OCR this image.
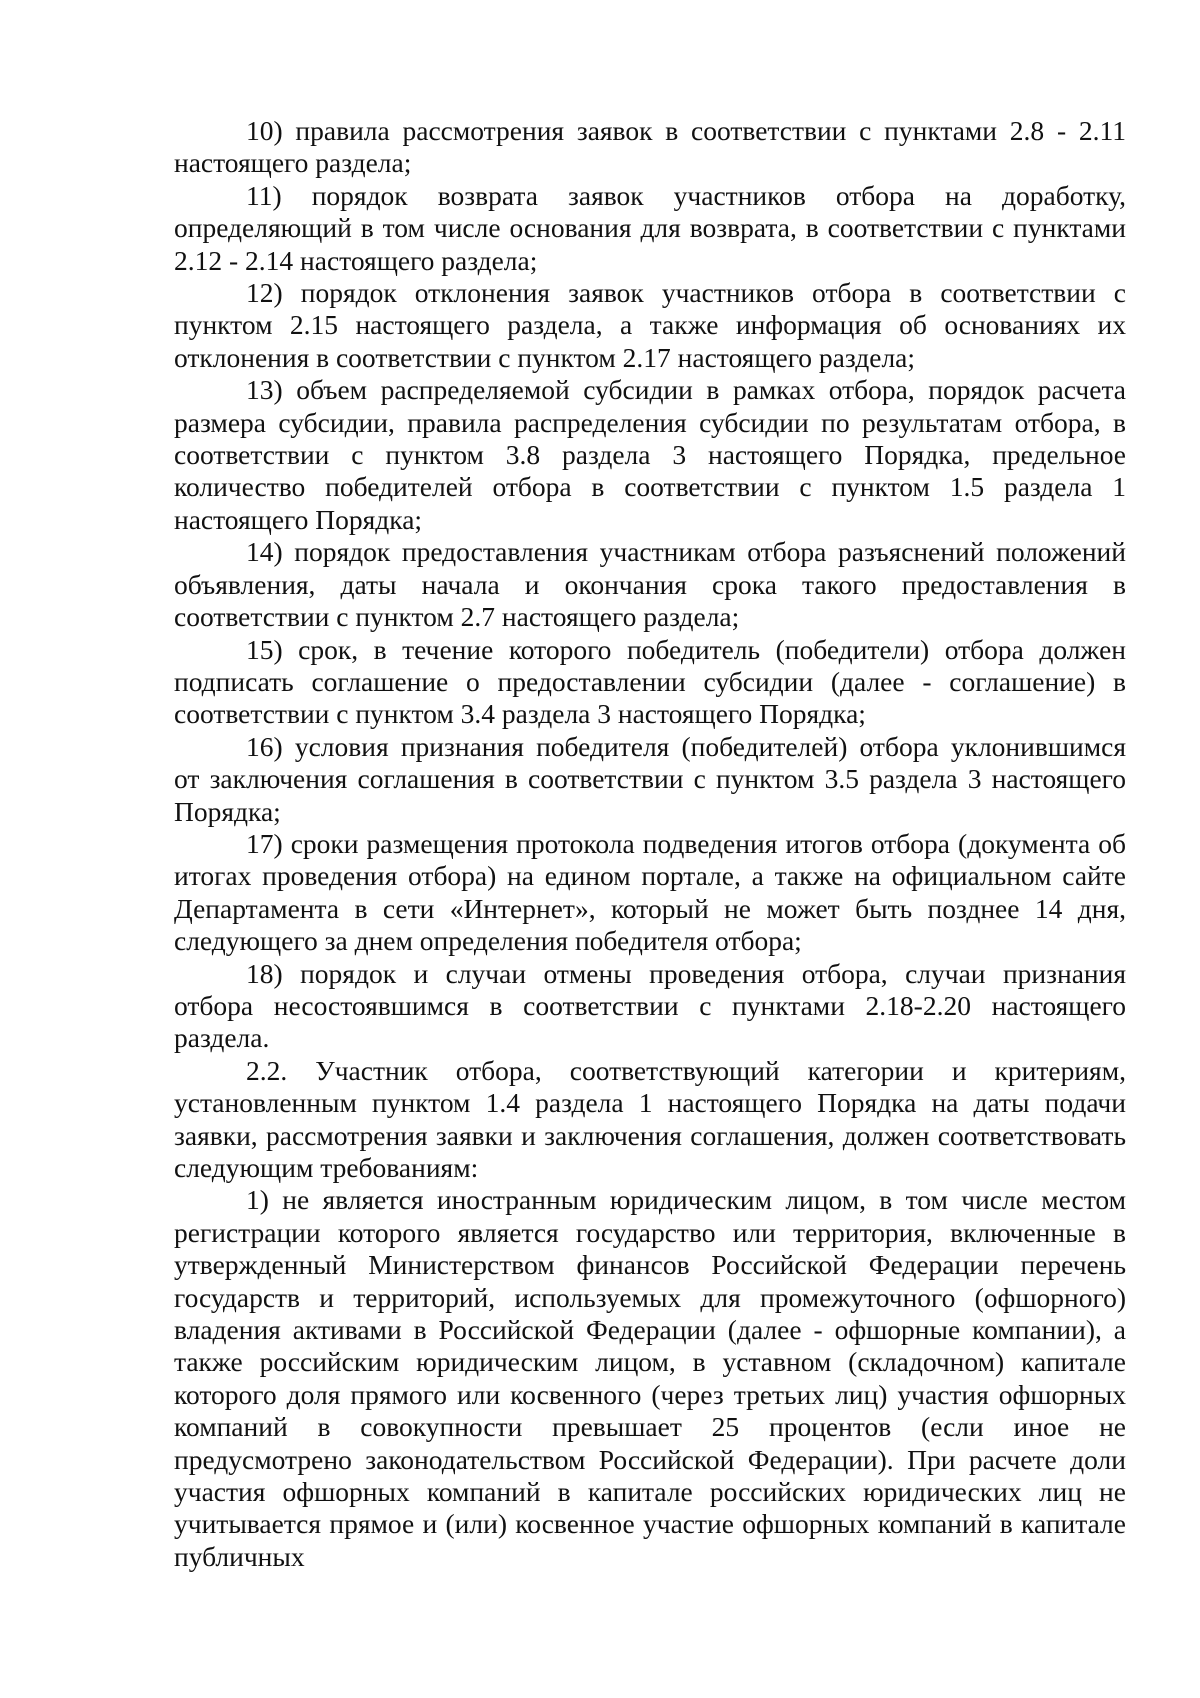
10) правила рассмотрения заявок в соответствии с пунктами 2.8 - 2.11 настоящего раздела;

11) порядок возврата заявок участников отбора на доработку, определяющий в том числе основания для возврата, в соответствии с пунктами 2.12 - 2.14 настоящего раздела;

12) порядок отклонения заявок участников отбора в соответствии с пунктом 2.15 настоящего раздела, а также информация об основаниях их отклонения в соответствии с пунктом 2.17 настоящего раздела;

13) объем распределяемой субсидии в рамках отбора, порядок расчета размера субсидии, правила распределения субсидии по результатам отбора, в соответствии с пунктом 3.8 раздела 3 настоящего Порядка, предельное количество победителей отбора в соответствии с пунктом 1.5 раздела 1 настоящего Порядка;

14) порядок предоставления участникам отбора разъяснений положений объявления, даты начала и окончания срока такого предоставления в соответствии с пунктом 2.7 настоящего раздела;

15) срок, в течение которого победитель (победители) отбора должен подписать соглашение о предоставлении субсидии (далее - соглашение) в соответствии с пунктом 3.4 раздела 3 настоящего Порядка;

16) условия признания победителя (победителей) отбора уклонившимся от заключения соглашения в соответствии с пунктом 3.5 раздела 3 настоящего Порядка;

17) сроки размещения протокола подведения итогов отбора (документа об итогах проведения отбора) на едином портале, а также на официальном сайте Департамента в сети «Интернет», который не может быть позднее 14 дня, следующего за днем определения победителя отбора;

18) порядок и случаи отмены проведения отбора, случаи признания отбора несостоявшимся в соответствии с пунктами 2.18-2.20 настоящего раздела.

2.2. Участник отбора, соответствующий категории и критериям, установленным пунктом 1.4 раздела 1 настоящего Порядка на даты подачи заявки, рассмотрения заявки и заключения соглашения, должен соответствовать следующим требованиям:

1) не является иностранным юридическим лицом, в том числе местом регистрации которого является государство или территория, включенные в утвержденный Министерством финансов Российской Федерации перечень государств и территорий, используемых для промежуточного (офшорного) владения активами в Российской Федерации (далее - офшорные компании), а также российским юридическим лицом, в уставном (складочном) капитале которого доля прямого или косвенного (через третьих лиц) участия офшорных компаний в совокупности превышает 25 процентов (если иное не предусмотрено законодательством Российской Федерации). При расчете доли участия офшорных компаний в капитале российских юридических лиц не учитывается прямое и (или) косвенное участие офшорных компаний в капитале публичных
